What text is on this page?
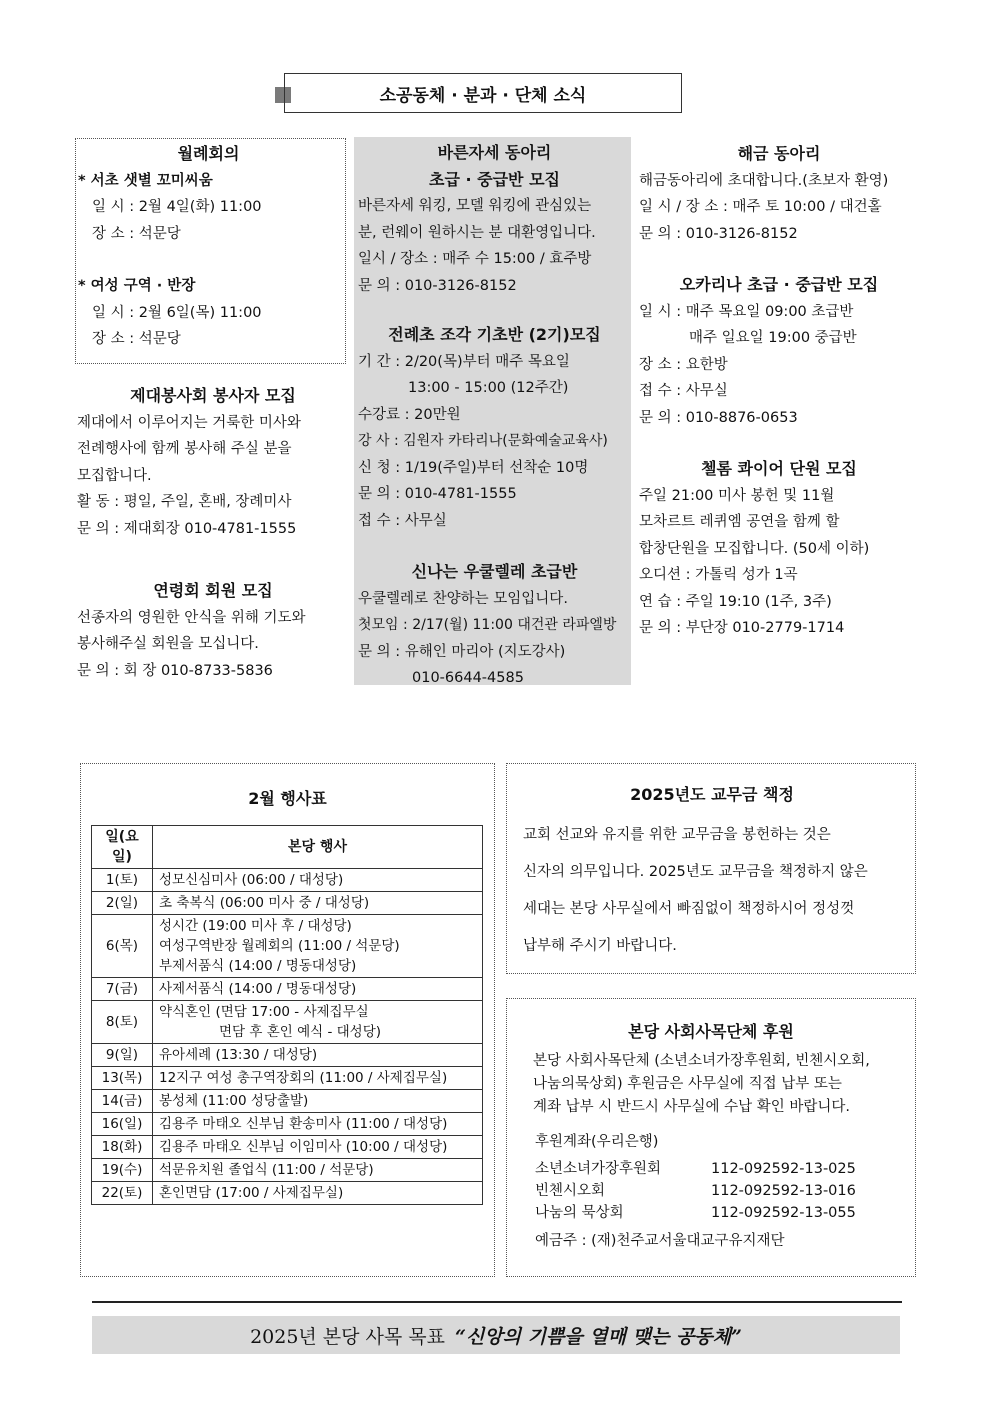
소공동체 · 분과 · 단체 소식
월례회의
* 서초 샛별 꼬미씨움
일 시 : 2월 4일(화) 11:00
장 소 : 석문당
* 여성 구역 · 반장
일 시 : 2월 6일(목) 11:00
장 소 : 석문당
제대봉사회 봉사자 모집
제대에서 이루어지는 거룩한 미사와
전례행사에 함께 봉사해 주실 분을
모집합니다.
활 동 : 평일, 주일, 혼배, 장례미사
문 의 : 제대회장 010-4781-1555
연령회 회원 모집
선종자의 영원한 안식을 위해 기도와
봉사해주실 회원을 모십니다.
문 의 : 회 장 010-8733-5836
바른자세 동아리
초급 · 중급반 모집
바른자세 워킹, 모델 워킹에 관심있는
분, 런웨이 원하시는 분 대환영입니다.
일시 / 장소 : 매주 수 15:00 / 효주방
문 의 : 010-3126-8152
전례초 조각 기초반 (2기)모집
기 간 : 2/20(목)부터 매주 목요일
13:00 - 15:00 (12주간)
수강료 : 20만원
강 사 : 김원자 카타리나(문화예술교육사)
신 청 : 1/19(주일)부터 선착순 10명
문 의 : 010-4781-1555
접 수 : 사무실
신나는 우쿨렐레 초급반
우쿨렐레로 찬양하는 모임입니다.
첫모임 : 2/17(월) 11:00 대건관 라파엘방
문 의 : 유해인 마리아 (지도강사)
010-6644-4585
해금 동아리
해금동아리에 초대합니다.(초보자 환영)
일 시 / 장 소 : 매주 토 10:00 / 대건홀
문 의 : 010-3126-8152
오카리나 초급 · 중급반 모집
일 시 : 매주 목요일 09:00 초급반
매주 일요일 19:00 중급반
장 소 : 요한방
접 수 : 사무실
문 의 : 010-8876-0653
첼롬 콰이어 단원 모집
주일 21:00 미사 봉헌 및 11월
모차르트 레퀴엠 공연을 함께 할
합창단원을 모집합니다. (50세 이하)
오디션 : 가톨릭 성가 1곡
연 습 : 주일 19:10 (1주, 3주)
문 의 : 부단장 010-2779-1714
2월 행사표
일(요일)	본당 행사
1(토)	성모신심미사 (06:00 / 대성당)

2(일)	초 축복식 (06:00 미사 중 / 대성당)

6(목)	성시간 (19:00 미사 후 / 대성당)
여성구역반장 월례회의 (11:00 / 석문당)
부제서품식 (14:00 / 명동대성당)

7(금)	사제서품식 (14:00 / 명동대성당)

8(토)	약식혼인 (면담 17:00 - 사제집무실
면담 후 혼인 예식 - 대성당)

9(일)	유아세례 (13:30 / 대성당)

13(목)	12지구 여성 총구역장회의 (11:00 / 사제집무실)

14(금)	봉성체 (11:00 성당출발)

16(일)	김용주 마태오 신부님 환송미사 (11:00 / 대성당)

18(화)	김용주 마태오 신부님 이임미사 (10:00 / 대성당)

19(수)	석문유치원 졸업식 (11:00 / 석문당)

22(토)	혼인면담 (17:00 / 사제집무실)
2025년도 교무금 책정
교회 선교와 유지를 위한 교무금을 봉헌하는 것은
신자의 의무입니다. 2025년도 교무금을 책정하지 않은
세대는 본당 사무실에서 빠짐없이 책정하시어 정성껏
납부해 주시기 바랍니다.
본당 사회사목단체 후원
본당 사회사목단체 (소년소녀가장후원회, 빈첸시오회,
나눔의묵상회) 후원금은 사무실에 직접 납부 또는
계좌 납부 시 반드시 사무실에 수납 확인 바랍니다.
후원계좌(우리은행)
소년소녀가장후원회	112-092592-13-025
빈첸시오회	112-092592-13-016
나눔의 묵상회	112-092592-13-055
예금주 : (재)천주교서울대교구유지재단
2025년 본당 사목 목표 “신앙의 기쁨을 열매 맺는 공동체”
